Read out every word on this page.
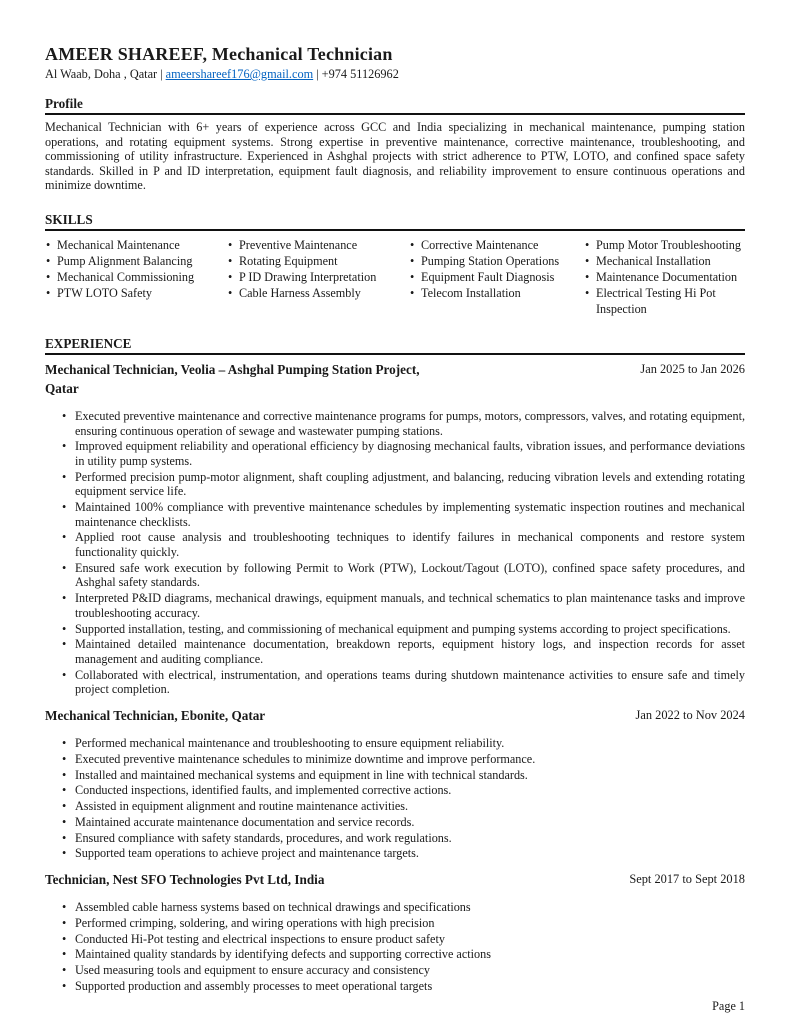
AMEER SHAREEF, Mechanical Technician
Al Waab, Doha , Qatar | ameershareef176@gmail.com | +974 51126962
Profile
Mechanical Technician with 6+ years of experience across GCC and India specializing in mechanical maintenance, pumping station operations, and rotating equipment systems. Strong expertise in preventive maintenance, corrective maintenance, troubleshooting, and commissioning of utility infrastructure. Experienced in Ashghal projects with strict adherence to PTW, LOTO, and confined space safety standards. Skilled in P and ID interpretation, equipment fault diagnosis, and reliability improvement to ensure continuous operations and minimize downtime.
SKILLS
• Mechanical Maintenance
• Pump Alignment Balancing
• Mechanical Commissioning
• PTW LOTO Safety
• Preventive Maintenance
• Rotating Equipment
• P ID Drawing Interpretation
• Cable Harness Assembly
• Corrective Maintenance
• Pumping Station Operations
• Equipment Fault Diagnosis
• Telecom Installation
• Pump Motor Troubleshooting
• Mechanical Installation
• Maintenance Documentation
• Electrical Testing Hi Pot Inspection
EXPERIENCE
Mechanical Technician, Veolia – Ashghal Pumping Station Project, Qatar
Jan 2025 to Jan 2026
• Executed preventive maintenance and corrective maintenance programs for pumps, motors, compressors, valves, and rotating equipment, ensuring continuous operation of sewage and wastewater pumping stations.
• Improved equipment reliability and operational efficiency by diagnosing mechanical faults, vibration issues, and performance deviations in utility pump systems.
• Performed precision pump-motor alignment, shaft coupling adjustment, and balancing, reducing vibration levels and extending rotating equipment service life.
• Maintained 100% compliance with preventive maintenance schedules by implementing systematic inspection routines and mechanical maintenance checklists.
• Applied root cause analysis and troubleshooting techniques to identify failures in mechanical components and restore system functionality quickly.
• Ensured safe work execution by following Permit to Work (PTW), Lockout/Tagout (LOTO), confined space safety procedures, and Ashghal safety standards.
• Interpreted P&ID diagrams, mechanical drawings, equipment manuals, and technical schematics to plan maintenance tasks and improve troubleshooting accuracy.
• Supported installation, testing, and commissioning of mechanical equipment and pumping systems according to project specifications.
• Maintained detailed maintenance documentation, breakdown reports, equipment history logs, and inspection records for asset management and auditing compliance.
• Collaborated with electrical, instrumentation, and operations teams during shutdown maintenance activities to ensure safe and timely project completion.
Mechanical Technician, Ebonite, Qatar	Jan 2022 to Nov 2024
• Performed mechanical maintenance and troubleshooting to ensure equipment reliability.
• Executed preventive maintenance schedules to minimize downtime and improve performance.
• Installed and maintained mechanical systems and equipment in line with technical standards.
• Conducted inspections, identified faults, and implemented corrective actions.
• Assisted in equipment alignment and routine maintenance activities.
• Maintained accurate maintenance documentation and service records.
• Ensured compliance with safety standards, procedures, and work regulations.
• Supported team operations to achieve project and maintenance targets.
Technician, Nest SFO Technologies Pvt Ltd, India	Sept 2017 to Sept 2018
• Assembled cable harness systems based on technical drawings and specifications
• Performed crimping, soldering, and wiring operations with high precision
• Conducted Hi-Pot testing and electrical inspections to ensure product safety
• Maintained quality standards by identifying defects and supporting corrective actions
• Used measuring tools and equipment to ensure accuracy and consistency
• Supported production and assembly processes to meet operational targets
Page 1
